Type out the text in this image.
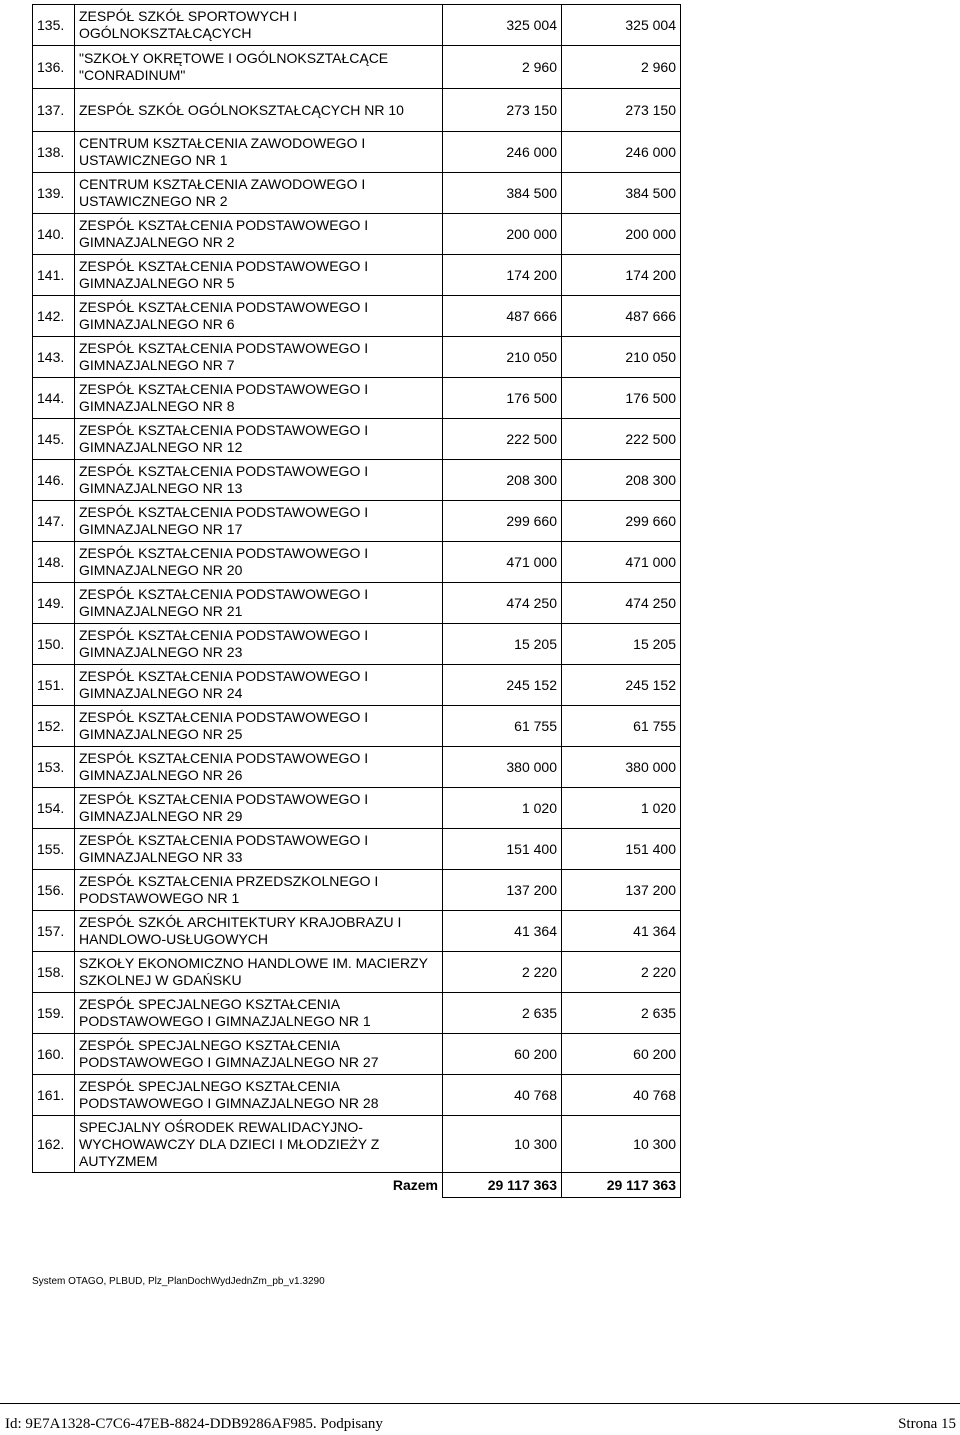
135.	ZESPÓŁ SZKÓŁ SPORTOWYCH I OGÓLNOKSZTAŁCĄCYCH	325 004	325 004
136.	"SZKOŁY OKRĘTOWE I OGÓLNOKSZTAŁCĄCE "CONRADINUM"	2 960	2 960
137.	ZESPÓŁ SZKÓŁ OGÓLNOKSZTAŁCĄCYCH NR 10	273 150	273 150
138.	CENTRUM KSZTAŁCENIA ZAWODOWEGO I USTAWICZNEGO NR 1	246 000	246 000
139.	CENTRUM KSZTAŁCENIA ZAWODOWEGO I USTAWICZNEGO NR 2	384 500	384 500
140.	ZESPÓŁ KSZTAŁCENIA PODSTAWOWEGO I GIMNAZJALNEGO NR 2	200 000	200 000
141.	ZESPÓŁ KSZTAŁCENIA PODSTAWOWEGO I GIMNAZJALNEGO NR 5	174 200	174 200
142.	ZESPÓŁ KSZTAŁCENIA PODSTAWOWEGO I GIMNAZJALNEGO NR 6	487 666	487 666
143.	ZESPÓŁ KSZTAŁCENIA PODSTAWOWEGO I GIMNAZJALNEGO NR 7	210 050	210 050
144.	ZESPÓŁ KSZTAŁCENIA PODSTAWOWEGO I GIMNAZJALNEGO NR 8	176 500	176 500
145.	ZESPÓŁ KSZTAŁCENIA PODSTAWOWEGO I GIMNAZJALNEGO NR 12	222 500	222 500
146.	ZESPÓŁ KSZTAŁCENIA PODSTAWOWEGO I GIMNAZJALNEGO NR 13	208 300	208 300
147.	ZESPÓŁ KSZTAŁCENIA PODSTAWOWEGO I GIMNAZJALNEGO NR 17	299 660	299 660
148.	ZESPÓŁ KSZTAŁCENIA PODSTAWOWEGO I GIMNAZJALNEGO NR 20	471 000	471 000
149.	ZESPÓŁ KSZTAŁCENIA PODSTAWOWEGO I GIMNAZJALNEGO NR 21	474 250	474 250
150.	ZESPÓŁ KSZTAŁCENIA PODSTAWOWEGO I GIMNAZJALNEGO NR 23	15 205	15 205
151.	ZESPÓŁ KSZTAŁCENIA PODSTAWOWEGO I GIMNAZJALNEGO NR 24	245 152	245 152
152.	ZESPÓŁ KSZTAŁCENIA PODSTAWOWEGO I GIMNAZJALNEGO NR 25	61 755	61 755
153.	ZESPÓŁ KSZTAŁCENIA PODSTAWOWEGO I GIMNAZJALNEGO NR 26	380 000	380 000
154.	ZESPÓŁ KSZTAŁCENIA PODSTAWOWEGO I GIMNAZJALNEGO NR 29	1 020	1 020
155.	ZESPÓŁ KSZTAŁCENIA PODSTAWOWEGO I GIMNAZJALNEGO NR 33	151 400	151 400
156.	ZESPÓŁ KSZTAŁCENIA PRZEDSZKOLNEGO I PODSTAWOWEGO NR 1	137 200	137 200
157.	ZESPÓŁ SZKÓŁ ARCHITEKTURY KRAJOBRAZU I HANDLOWO-USŁUGOWYCH	41 364	41 364
158.	SZKOŁY EKONOMICZNO HANDLOWE IM. MACIERZY SZKOLNEJ W GDAŃSKU	2 220	2 220
159.	ZESPÓŁ SPECJALNEGO KSZTAŁCENIA PODSTAWOWEGO I GIMNAZJALNEGO NR 1	2 635	2 635
160.	ZESPÓŁ SPECJALNEGO KSZTAŁCENIA PODSTAWOWEGO I GIMNAZJALNEGO NR 27	60 200	60 200
161.	ZESPÓŁ SPECJALNEGO KSZTAŁCENIA PODSTAWOWEGO I GIMNAZJALNEGO NR 28	40 768	40 768
162.	SPECJALNY OŚRODEK REWALIDACYJNO-WYCHOWAWCZY DLA DZIECI I MŁODZIEŻY Z AUTYZMEM	10 300	10 300
	Razem	29 117 363	29 117 363
System OTAGO, PLBUD, Plz_PlanDochWydJednZm_pb_v1.3290
Id: 9E7A1328-C7C6-47EB-8824-DDB9286AF985. Podpisany	Strona 15
